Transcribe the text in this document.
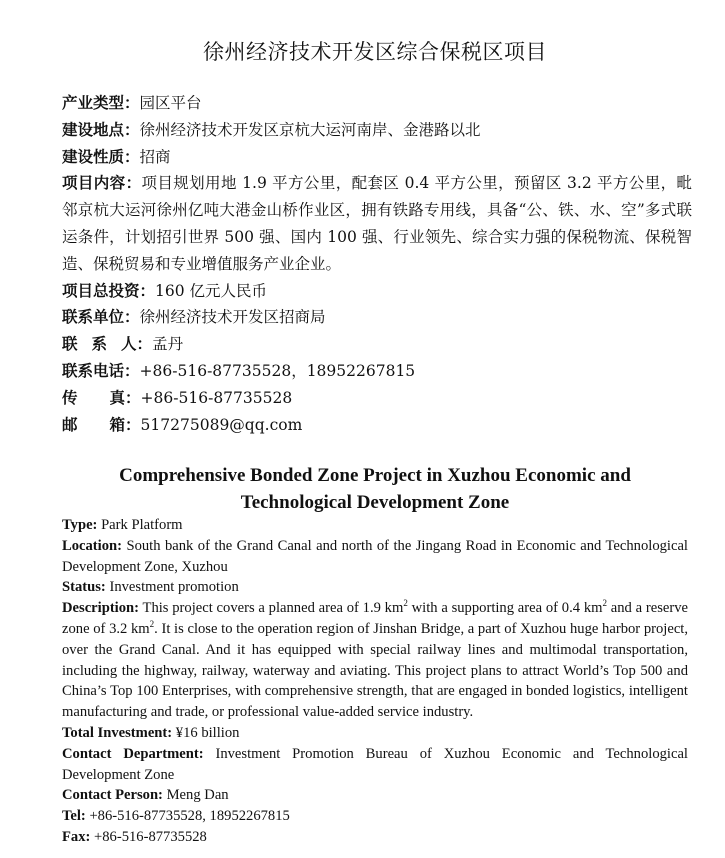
徐州经济技术开发区综合保税区项目

产业类型：园区平台

建设地点：徐州经济技术开发区京杭大运河南岸、金港路以北

建设性质：招商

项目内容：项目规划用地 1.9 平方公里，配套区 0.4 平方公里，预留区 3.2 平方公里，毗邻京杭大运河徐州亿吨大港金山桥作业区，拥有铁路专用线，具备“公、铁、水、空”多式联运条件，计划招引世界 500 强、国内 100 强、行业领先、综合实力强的保税物流、保税智造、保税贸易和专业增值服务产业企业。

项目总投资：160 亿元人民币

联系单位：徐州经济技术开发区招商局

联 系 人：孟丹

联系电话：+86-516-87735528，18952267815

传 真：+86-516-87735528

邮 箱：517275089@qq.com

Comprehensive Bonded Zone Project in Xuzhou Economic and Technological Development Zone

Type: Park Platform

Location: South bank of the Grand Canal and north of the Jingang Road in Economic and Technological Development Zone, Xuzhou

Status: Investment promotion

Description: This project covers a planned area of 1.9 $km^2$ with a supporting area of 0.4 $km^2$ and a reserve zone of 3.2 $km^2$. It is close to the operation region of Jinshan Bridge, a part of Xuzhou huge harbor project, over the Grand Canal. And it has equipped with special railway lines and multimodal transportation, including the highway, railway, waterway and aviating. This project plans to attract World’s Top 500 and China’s Top 100 Enterprises, with comprehensive strength, that are engaged in bonded logistics, intelligent manufacturing and trade, or professional value-added service industry.

Total Investment: ¥16 billion

Contact Department: Investment Promotion Bureau of Xuzhou Economic and Technological Development Zone

Contact Person: Meng Dan

Tel: +86-516-87735528, 18952267815

Fax: +86-516-87735528
